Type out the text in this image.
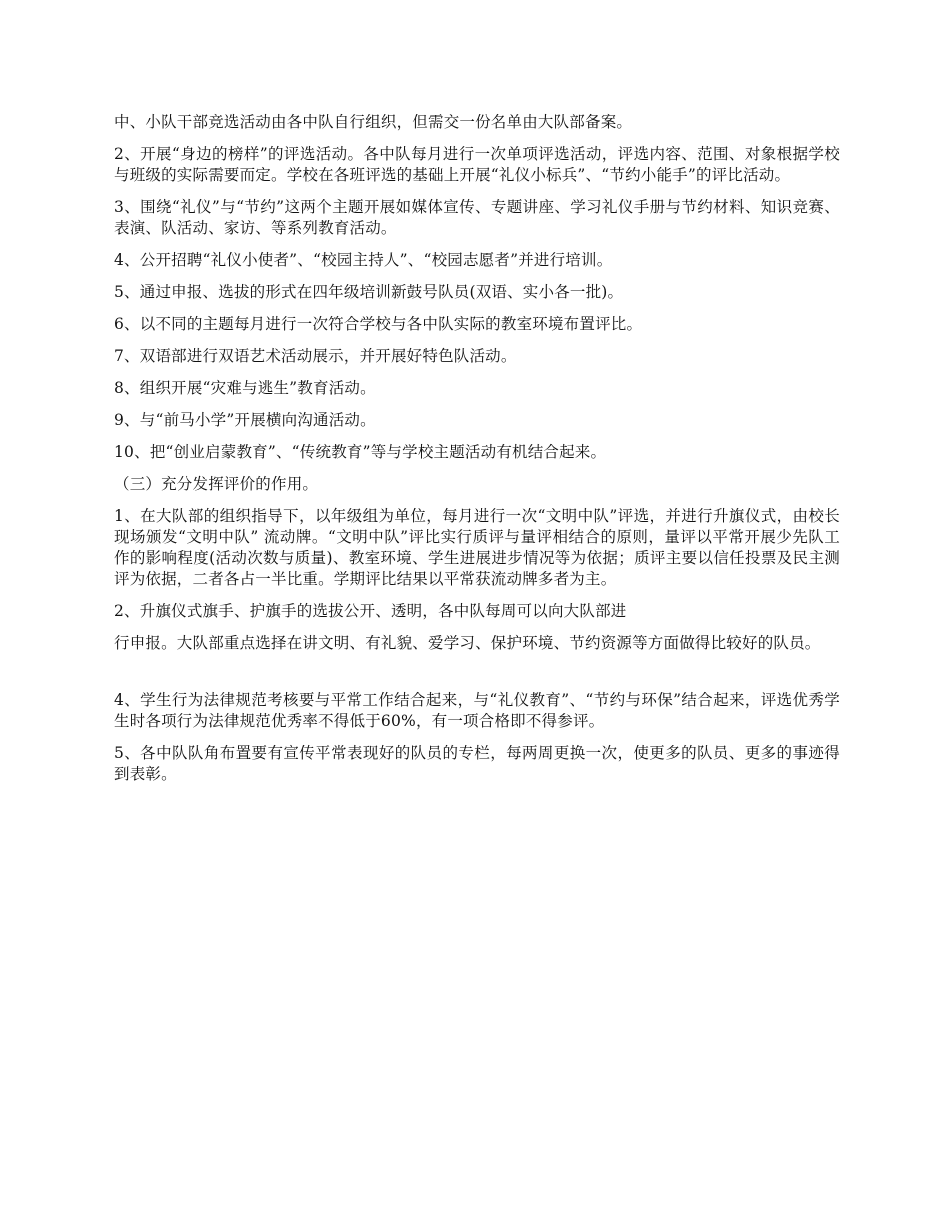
中、小队干部竞选活动由各中队自行组织，但需交一份名单由大队部备案。

2、开展“身边的榜样”的评选活动。各中队每月进行一次单项评选活动，评选内容、范围、对象根据学校与班级的实际需要而定。学校在各班评选的基础上开展“礼仪小标兵”、“节约小能手”的评比活动。

3、围绕“礼仪”与“节约”这两个主题开展如媒体宣传、专题讲座、学习礼仪手册与节约材料、知识竞赛、表演、队活动、家访、等系列教育活动。

4、公开招聘“礼仪小使者”、“校园主持人”、“校园志愿者”并进行培训。

5、通过申报、选拔的形式在四年级培训新鼓号队员(双语、实小各一批)。

6、以不同的主题每月进行一次符合学校与各中队实际的教室环境布置评比。

7、双语部进行双语艺术活动展示，并开展好特色队活动。

8、组织开展“灾难与逃生”教育活动。

9、与“前马小学”开展横向沟通活动。

10、把“创业启蒙教育”、“传统教育”等与学校主题活动有机结合起来。

（三）充分发挥评价的作用。

1、在大队部的组织指导下，以年级组为单位，每月进行一次“文明中队”评选，并进行升旗仪式，由校长现场颁发“文明中队” 流动牌。“文明中队”评比实行质评与量评相结合的原则，量评以平常开展少先队工作的影响程度(活动次数与质量)、教室环境、学生进展进步情况等为依据；质评主要以信任投票及民主测评为依据，二者各占一半比重。学期评比结果以平常获流动牌多者为主。

2、升旗仪式旗手、护旗手的选拔公开、透明，各中队每周可以向大队部进

行申报。大队部重点选择在讲文明、有礼貌、爱学习、保护环境、节约资源等方面做得比较好的队员。

4、学生行为法律规范考核要与平常工作结合起来，与“礼仪教育”、“节约与环保”结合起来，评选优秀学生时各项行为法律规范优秀率不得低于60%，有一项合格即不得参评。

5、各中队队角布置要有宣传平常表现好的队员的专栏，每两周更换一次，使更多的队员、更多的事迹得到表彰。
